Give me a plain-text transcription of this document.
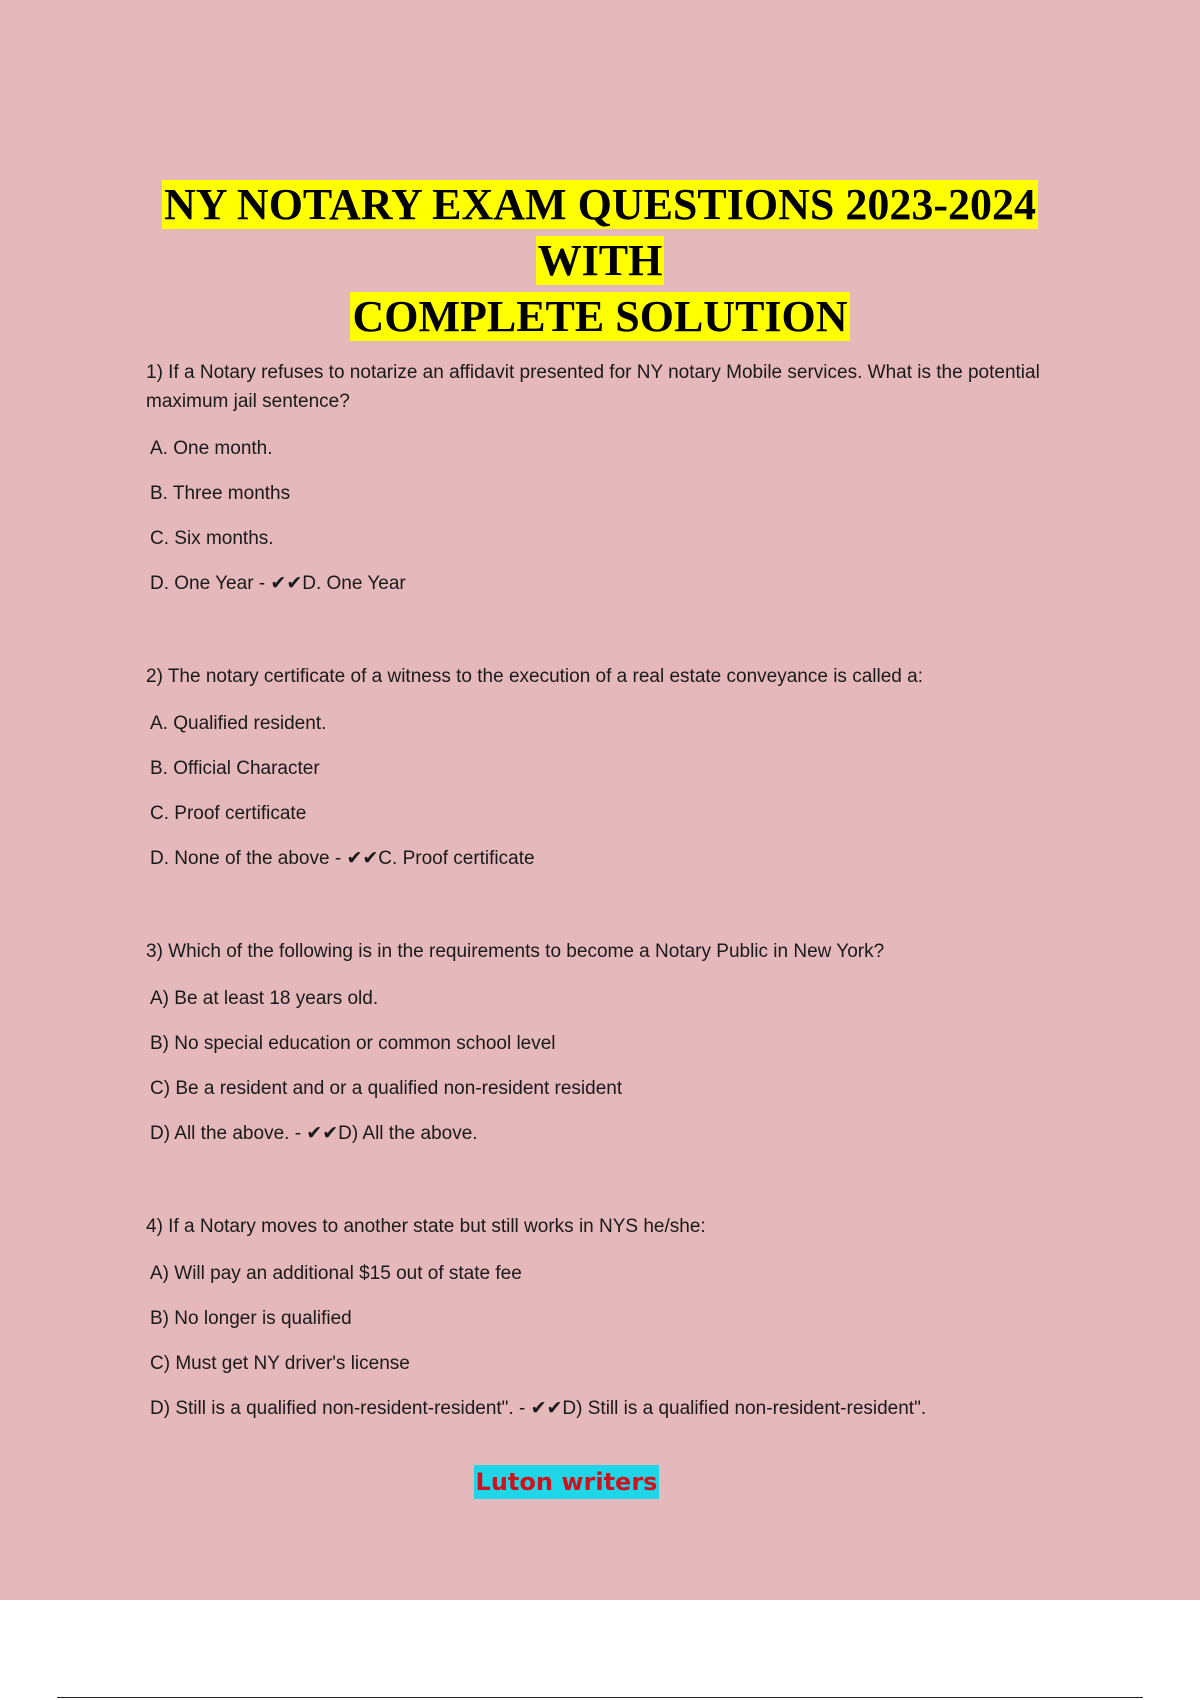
NY NOTARY EXAM QUESTIONS 2023-2024
WITH
COMPLETE SOLUTION

1) If a Notary refuses to notarize an affidavit presented for NY notary Mobile services. What is the potential maximum jail sentence?

A. One month.
B. Three months
C. Six months.
D. One Year - ✔✔D. One Year

2) The notary certificate of a witness to the execution of a real estate conveyance is called a:

A. Qualified resident.
B. Official Character
C. Proof certificate
D. None of the above - ✔✔C. Proof certificate

3) Which of the following is in the requirements to become a Notary Public in New York?

A) Be at least 18 years old.
B) No special education or common school level
C) Be a resident and or a qualified non-resident resident
D) All the above. - ✔✔D) All the above.

4) If a Notary moves to another state but still works in NYS he/she:

A) Will pay an additional $15 out of state fee
B) No longer is qualified
C) Must get NY driver's license
D) Still is a qualified non-resident-resident". - ✔✔D) Still is a qualified non-resident-resident".
Luton writers
